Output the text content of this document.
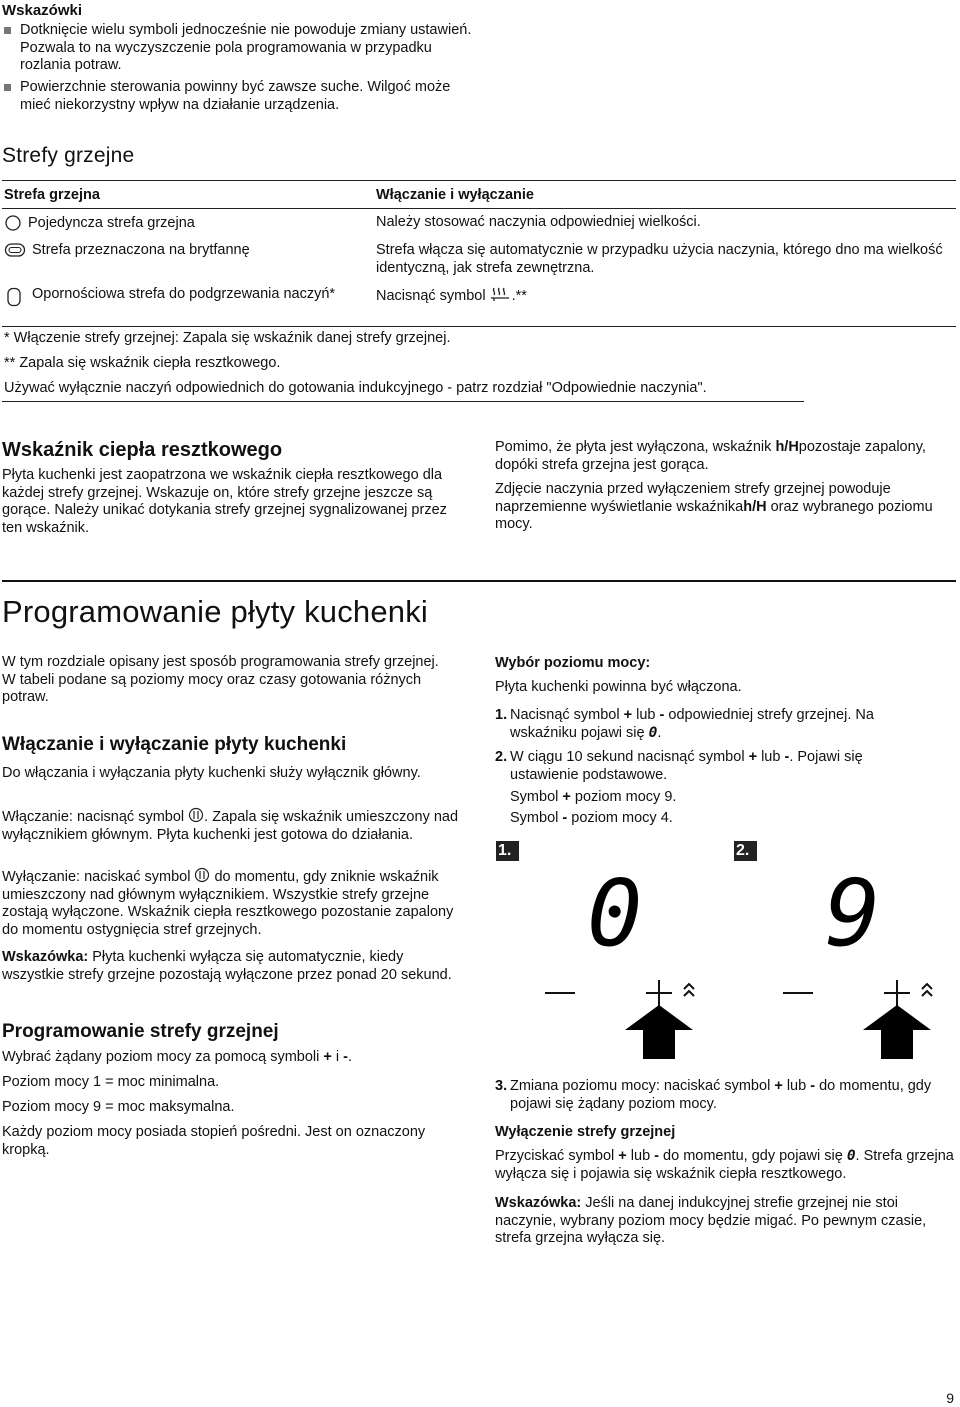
Wskazówki
Dotknięcie wielu symboli jednocześnie nie powoduje zmiany ustawień. Pozwala to na wyczyszczenie pola programowania w przypadku rozlania potraw.
Powierzchnie sterowania powinny być zawsze suche. Wilgoć może mieć niekorzystny wpływ na działanie urządzenia.
Strefy grzejne
Strefa grzejna	Włączanie i wyłączanie
Pojedyncza strefa grzejna	Należy stosować naczynia odpowiedniej wielkości.
Strefa przeznaczona na brytfannę	Strefa włącza się automatycznie w przypadku użycia naczynia, którego dno ma wielkość identyczną, jak strefa zewnętrzna.
Opornościowa strefa do podgrzewania naczyń*	Nacisnąć symbol .**
* Włączenie strefy grzejnej: Zapala się wskaźnik danej strefy grzejnej.
** Zapala się wskaźnik ciepła resztkowego.
Używać wyłącznie naczyń odpowiednich do gotowania indukcyjnego - patrz rozdział "Odpowiednie naczynia".
Wskaźnik ciepła resztkowego

Płyta kuchenki jest zaopatrzona we wskaźnik ciepła resztkowego dla każdej strefy grzejnej. Wskazuje on, które strefy grzejne jeszcze są gorące. Należy unikać dotykania strefy grzejnej sygnalizowanej przez ten wskaźnik.

Pomimo, że płyta jest wyłączona, wskaźnik h/Hpozostaje zapalony, dopóki strefa grzejna jest gorąca.

Zdjęcie naczynia przed wyłączeniem strefy grzejnej powoduje naprzemienne wyświetlanie wskaźnikah/H oraz wybranego poziomu mocy.

Programowanie płyty kuchenki

W tym rozdziale opisany jest sposób programowania strefy grzejnej. W tabeli podane są poziomy mocy oraz czasy gotowania różnych potraw.

Włączanie i wyłączanie płyty kuchenki

Do włączania i wyłączania płyty kuchenki służy wyłącznik główny.

Włączanie: nacisnąć symbol . Zapala się wskaźnik umieszczony nad wyłącznikiem głównym. Płyta kuchenki jest gotowa do działania.

Wyłączanie: naciskać symbol  do momentu, gdy zniknie wskaźnik umieszczony nad głównym wyłącznikiem. Wszystkie strefy grzejne zostają wyłączone. Wskaźnik ciepła resztkowego pozostanie zapalony do momentu ostygnięcia stref grzejnych.

Wskazówka: Płyta kuchenki wyłącza się automatycznie, kiedy wszystkie strefy grzejne pozostają wyłączone przez ponad 20 sekund.

Programowanie strefy grzejnej

Wybrać żądany poziom mocy za pomocą symboli + i -.

Poziom mocy 1 = moc minimalna.

Poziom mocy 9 = moc maksymalna.

Każdy poziom mocy posiada stopień pośredni. Jest on oznaczony kropką.

Wybór poziomu mocy:

Płyta kuchenki powinna być włączona.

1. Nacisnąć symbol + lub - odpowiedniej strefy grzejnej. Na wskaźniku pojawi się 0.
2. W ciągu 10 sekund nacisnąć symbol + lub -. Pojawi się ustawienie podstawowe.

Symbol + poziom mocy 9.

Symbol - poziom mocy 4.

1.
0
2.
9
3. Zmiana poziomu mocy: naciskać symbol + lub - do momentu, gdy pojawi się żądany poziom mocy.
Wyłączenie strefy grzejnej

Przyciskać symbol + lub - do momentu, gdy pojawi się 0. Strefa grzejna wyłącza się i pojawia się wskaźnik ciepła resztkowego.

Wskazówka: Jeśli na danej indukcyjnej strefie grzejnej nie stoi naczynie, wybrany poziom mocy będzie migać. Po pewnym czasie, strefa grzejna wyłącza się.

9
